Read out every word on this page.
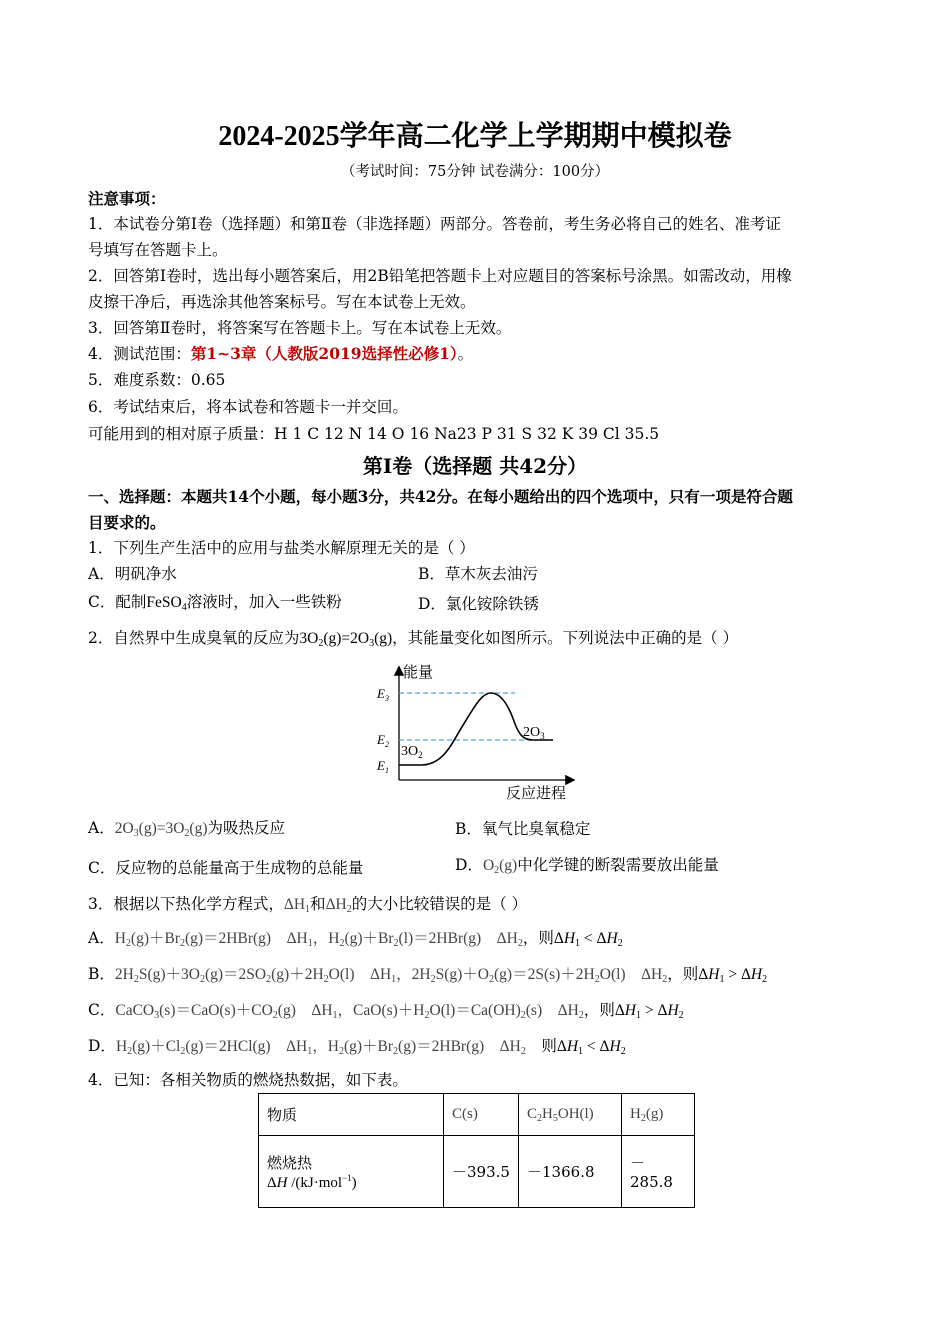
2024-2025学年高二化学上学期期中模拟卷
（考试时间：75分钟 试卷满分：100分）
注意事项：
1．本试卷分第Ⅰ卷（选择题）和第Ⅱ卷（非选择题）两部分。答卷前，考生务必将自己的姓名、准考证
号填写在答题卡上。
2．回答第Ⅰ卷时，选出每小题答案后，用2B铅笔把答题卡上对应题目的答案标号涂黑。如需改动，用橡
皮擦干净后，再选涂其他答案标号。写在本试卷上无效。
3．回答第Ⅱ卷时，将答案写在答题卡上。写在本试卷上无效。
4．测试范围：第1~3章（人教版2019选择性必修1）。
5．难度系数：0.65
6．考试结束后，将本试卷和答题卡一并交回。
可能用到的相对原子质量：H 1 C 12 N 14 O 16 Na23 P 31 S 32 K 39 Cl 35.5
第Ⅰ卷（选择题 共42分）
一、选择题：本题共14个小题，每小题3分，共42分。在每小题给出的四个选项中，只有一项是符合题
目要求的。
1．下列生产生活中的应用与盐类水解原理无关的是（ ）
A．明矾净水	B．草木灰去油污
C．配制FeSO$_4$溶液时，加入一些铁粉	D．氯化铵除铁锈
2．自然界中生成臭氧的反应为$3O_2(g)=2O_3(g)$，其能量变化如图所示。下列说法中正确的是（ ）
能量
反应进程
$E_3$
$E_2$
$E_1$
$3O_2$
$2O_3$
A．$2O_3(g)=3O_2(g)$为吸热反应	B．氧气比臭氧稳定
C．反应物的总能量高于生成物的总能量	D．$O_2(g)$中化学键的断裂需要放出能量
3．根据以下热化学方程式，$\Delta H_1$和$\Delta H_2$的大小比较错误的是（ ）
A．$H_2(g)+Br_2(g)=2HBr(g)$　$\Delta H_1$，$H_2(g)+Br_2(l)=2HBr(g)$　$\Delta H_2$，则$\Delta H_1 < \Delta H_2$
B．$2H_2S(g)+3O_2(g)=2SO_2(g)+2H_2O(l)$　$\Delta H_1$，$2H_2S(g)+O_2(g)=2S(s)+2H_2O(l)$　$\Delta H_2$，则$\Delta H_1 > \Delta H_2$
C．$CaCO_3(s)=CaO(s)+CO_2(g)$　$\Delta H_1$，$CaO(s)+H_2O(l)=Ca(OH)_2(s)$　$\Delta H_2$，则$\Delta H_1 > \Delta H_2$
D．$H_2(g)+Cl_2(g)=2HCl(g)$　$\Delta H_1$，$H_2(g)+Br_2(g)=2HBr(g)$　$\Delta H_2$　 则$\Delta H_1 < \Delta H_2$
4．已知：各相关物质的燃烧热数据，如下表。
物质	C(s)	$C_2H_5OH(l)$	$H_2(g)$

燃烧热
ΔH /(kJ·mol$^{-1}$)	－393.5	－1366.8	－285.8
